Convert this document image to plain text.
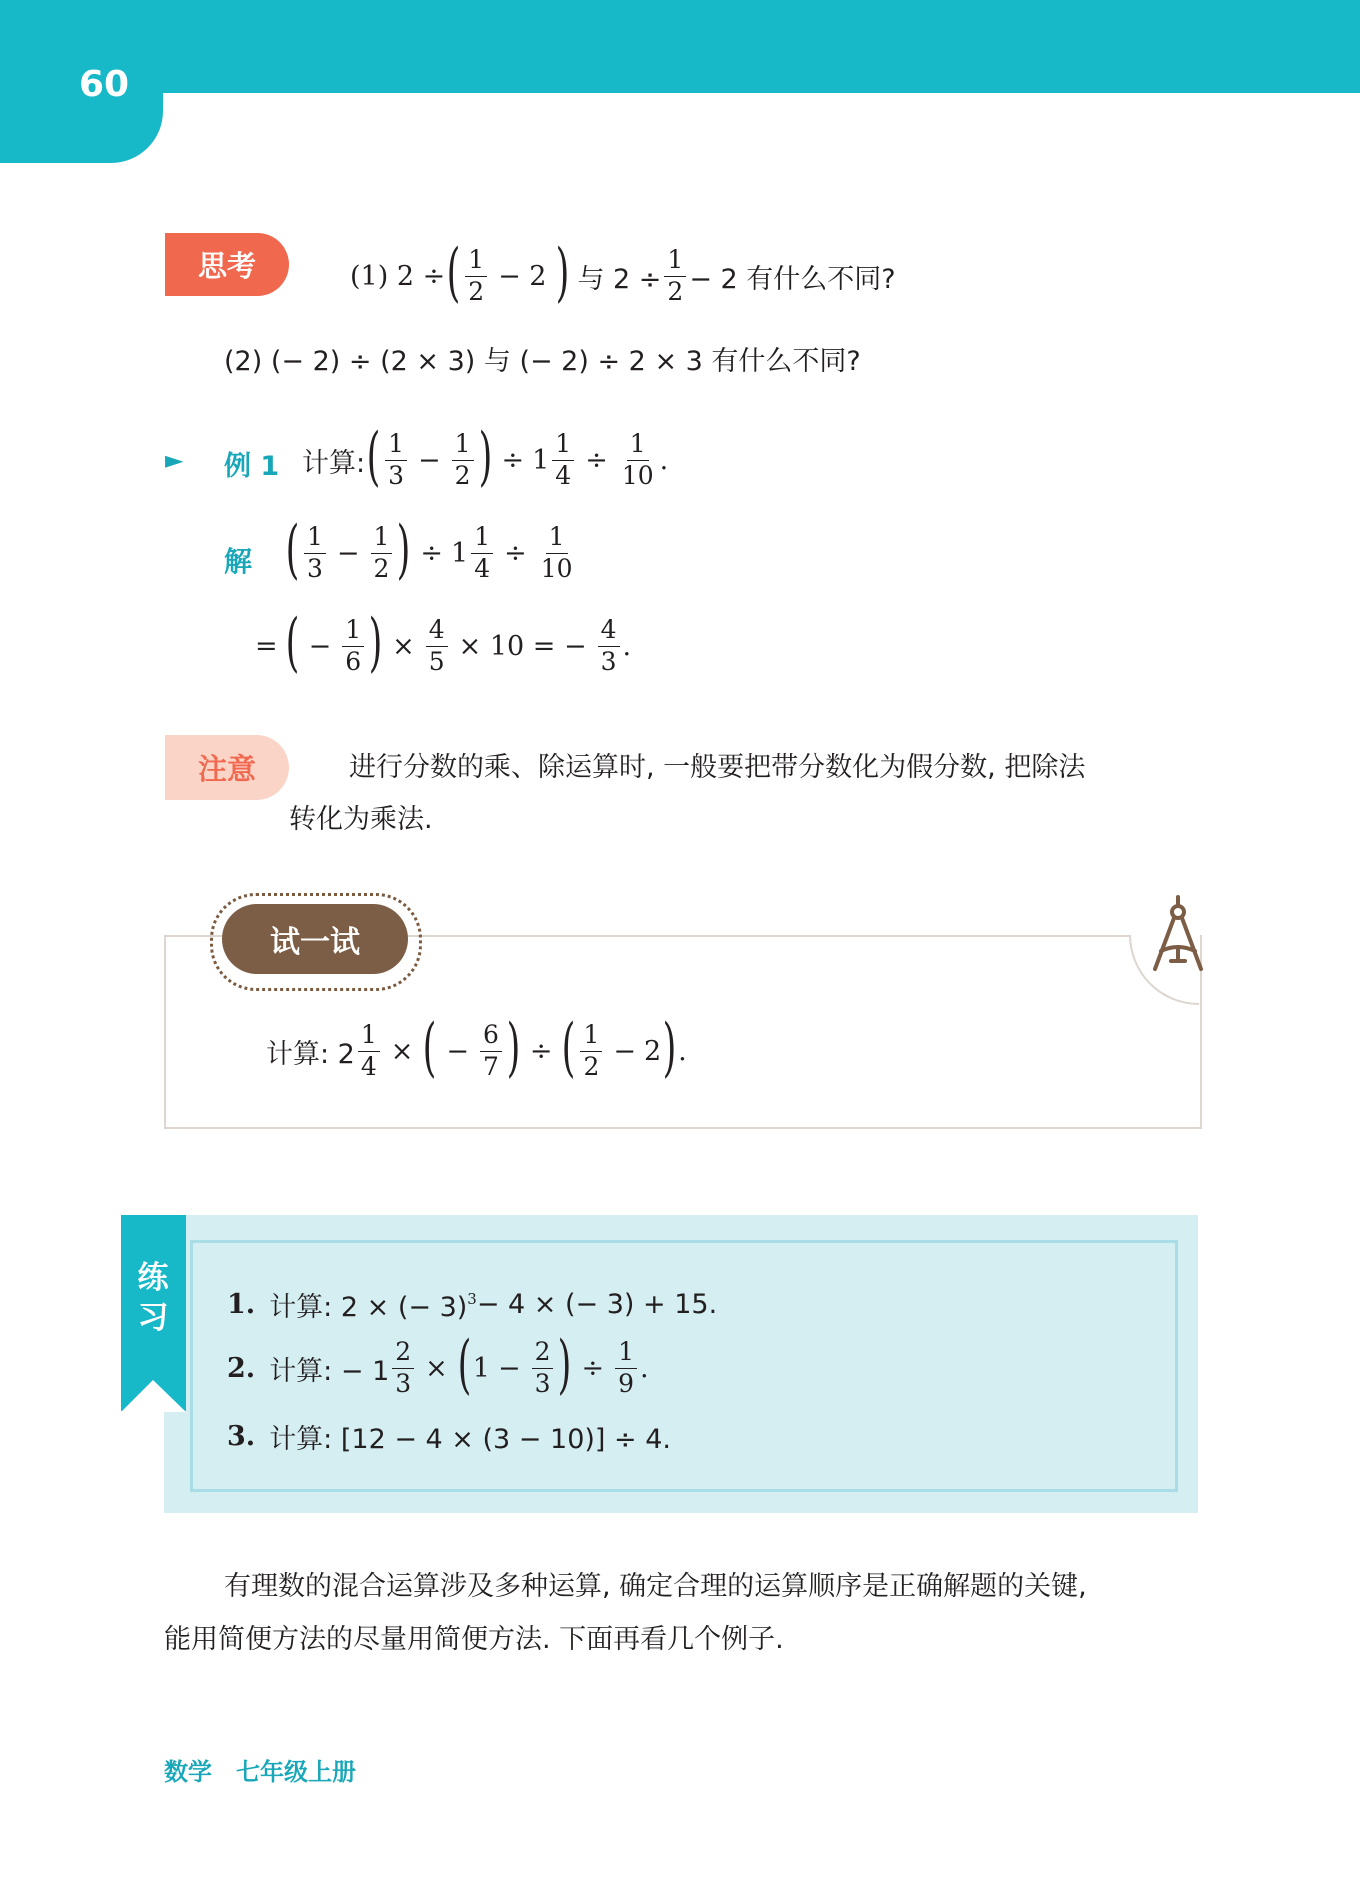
60
思考	(1) 2 ÷ ( 1
2 − 2 ) 与 $2 \div \frac{1}{2} - 2$ 有什么不同?
(2) (− 2) ÷ (2 × 3) 与 (− 2) ÷ 2 × 3 有什么不同?
► 例 1 计算: ( 1
$3 - \frac{1}{2}$ ) ÷ $1 \frac{1}{4} \div \frac{1}{10}$ .
解 ( 1
$3 - \frac{1}{2}$ ) ÷ $1 \frac{1}{4} \div \frac{1}{10}$
= ( − $\frac{1}{6}$ ) × $\frac{4}{5} \times 10$ = − $\frac{4}{3}$ .
注意	进行分数的乘、除运算时, 一般要把带分数化为假分数, 把除法
转化为乘法.
试一试
计算: $2 \frac{1}{4}$ × ( − $\frac{6}{7}$ ) ÷ ( 1
2 − 2 ) .
练习 1. 计算: 2 × (− 3)$^3$ − 4 × (− 3) + 15.
2. 计算: − $1 \frac{2}{3}$ × ( $1 - \frac{2}{3}$ ) ÷ $\frac{1}{9}$ .
3. 计算: [12 − 4 × (3 − 10)] ÷ 4.
有理数的混合运算涉及多种运算, 确定合理的运算顺序是正确解题的关键,
能用简便方法的尽量用简便方法. 下面再看几个例子.
数学　七年级上册
